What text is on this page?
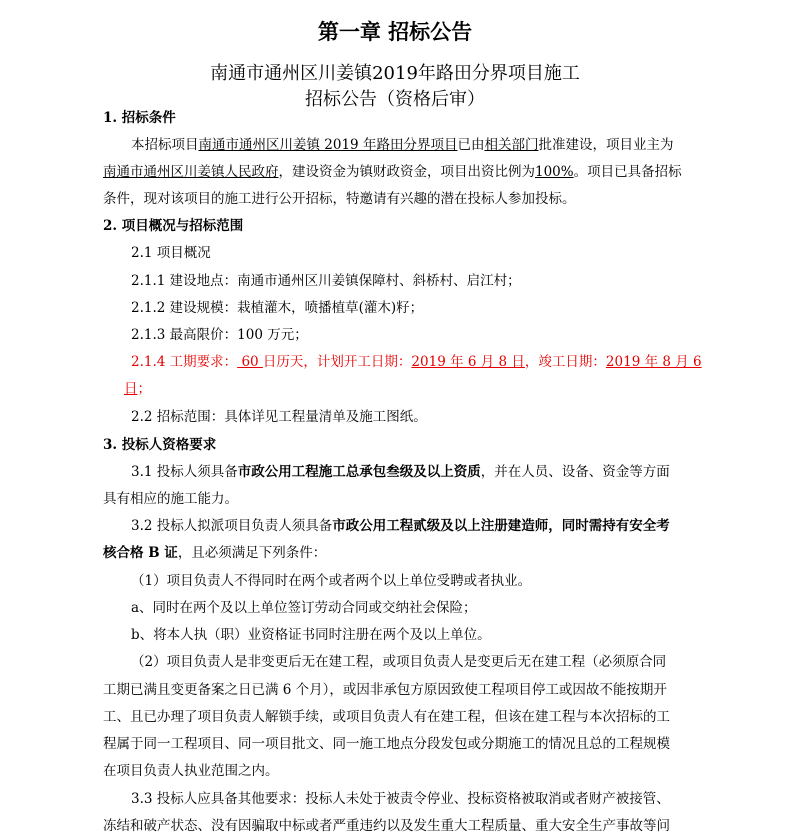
第一章 招标公告
南通市通州区川姜镇2019年路田分界项目施工
招标公告（资格后审）
1. 招标条件
本招标项目南通市通州区川姜镇 2019 年路田分界项目已由相关部门批准建设，项目业主为
南通市通州区川姜镇人民政府，建设资金为镇财政资金，项目出资比例为100%。项目已具备招标
条件，现对该项目的施工进行公开招标，特邀请有兴趣的潜在投标人参加投标。
2. 项目概况与招标范围
2.1 项目概况
2.1.1 建设地点：南通市通州区川姜镇保障村、斜桥村、启江村；
2.1.2 建设规模：栽植灌木，喷播植草(灌木)籽；
2.1.3 最高限价：100 万元；
2.1.4 工期要求： 60 日历天，计划开工日期：2019 年 6 月 8 日，竣工日期：2019 年 8 月 6
日；
2.2 招标范围：具体详见工程量清单及施工图纸。
3. 投标人资格要求
3.1 投标人须具备市政公用工程施工总承包叁级及以上资质，并在人员、设备、资金等方面
具有相应的施工能力。
3.2 投标人拟派项目负责人须具备市政公用工程贰级及以上注册建造师，同时需持有安全考
核合格 B 证，且必须满足下列条件：
（1）项目负责人不得同时在两个或者两个以上单位受聘或者执业。
a、同时在两个及以上单位签订劳动合同或交纳社会保险；
b、将本人执（职）业资格证书同时注册在两个及以上单位。
（2）项目负责人是非变更后无在建工程，或项目负责人是变更后无在建工程（必须原合同
工期已满且变更备案之日已满 6 个月），或因非承包方原因致使工程项目停工或因故不能按期开
工、且已办理了项目负责人解锁手续，或项目负责人有在建工程，但该在建工程与本次招标的工
程属于同一工程项目、同一项目批文、同一施工地点分段发包或分期施工的情况且总的工程规模
在项目负责人执业范围之内。
3.3 投标人应具备其他要求：投标人未处于被责令停业、投标资格被取消或者财产被接管、
冻结和破产状态、没有因骗取中标或者严重违约以及发生重大工程质量、重大安全生产事故等问
